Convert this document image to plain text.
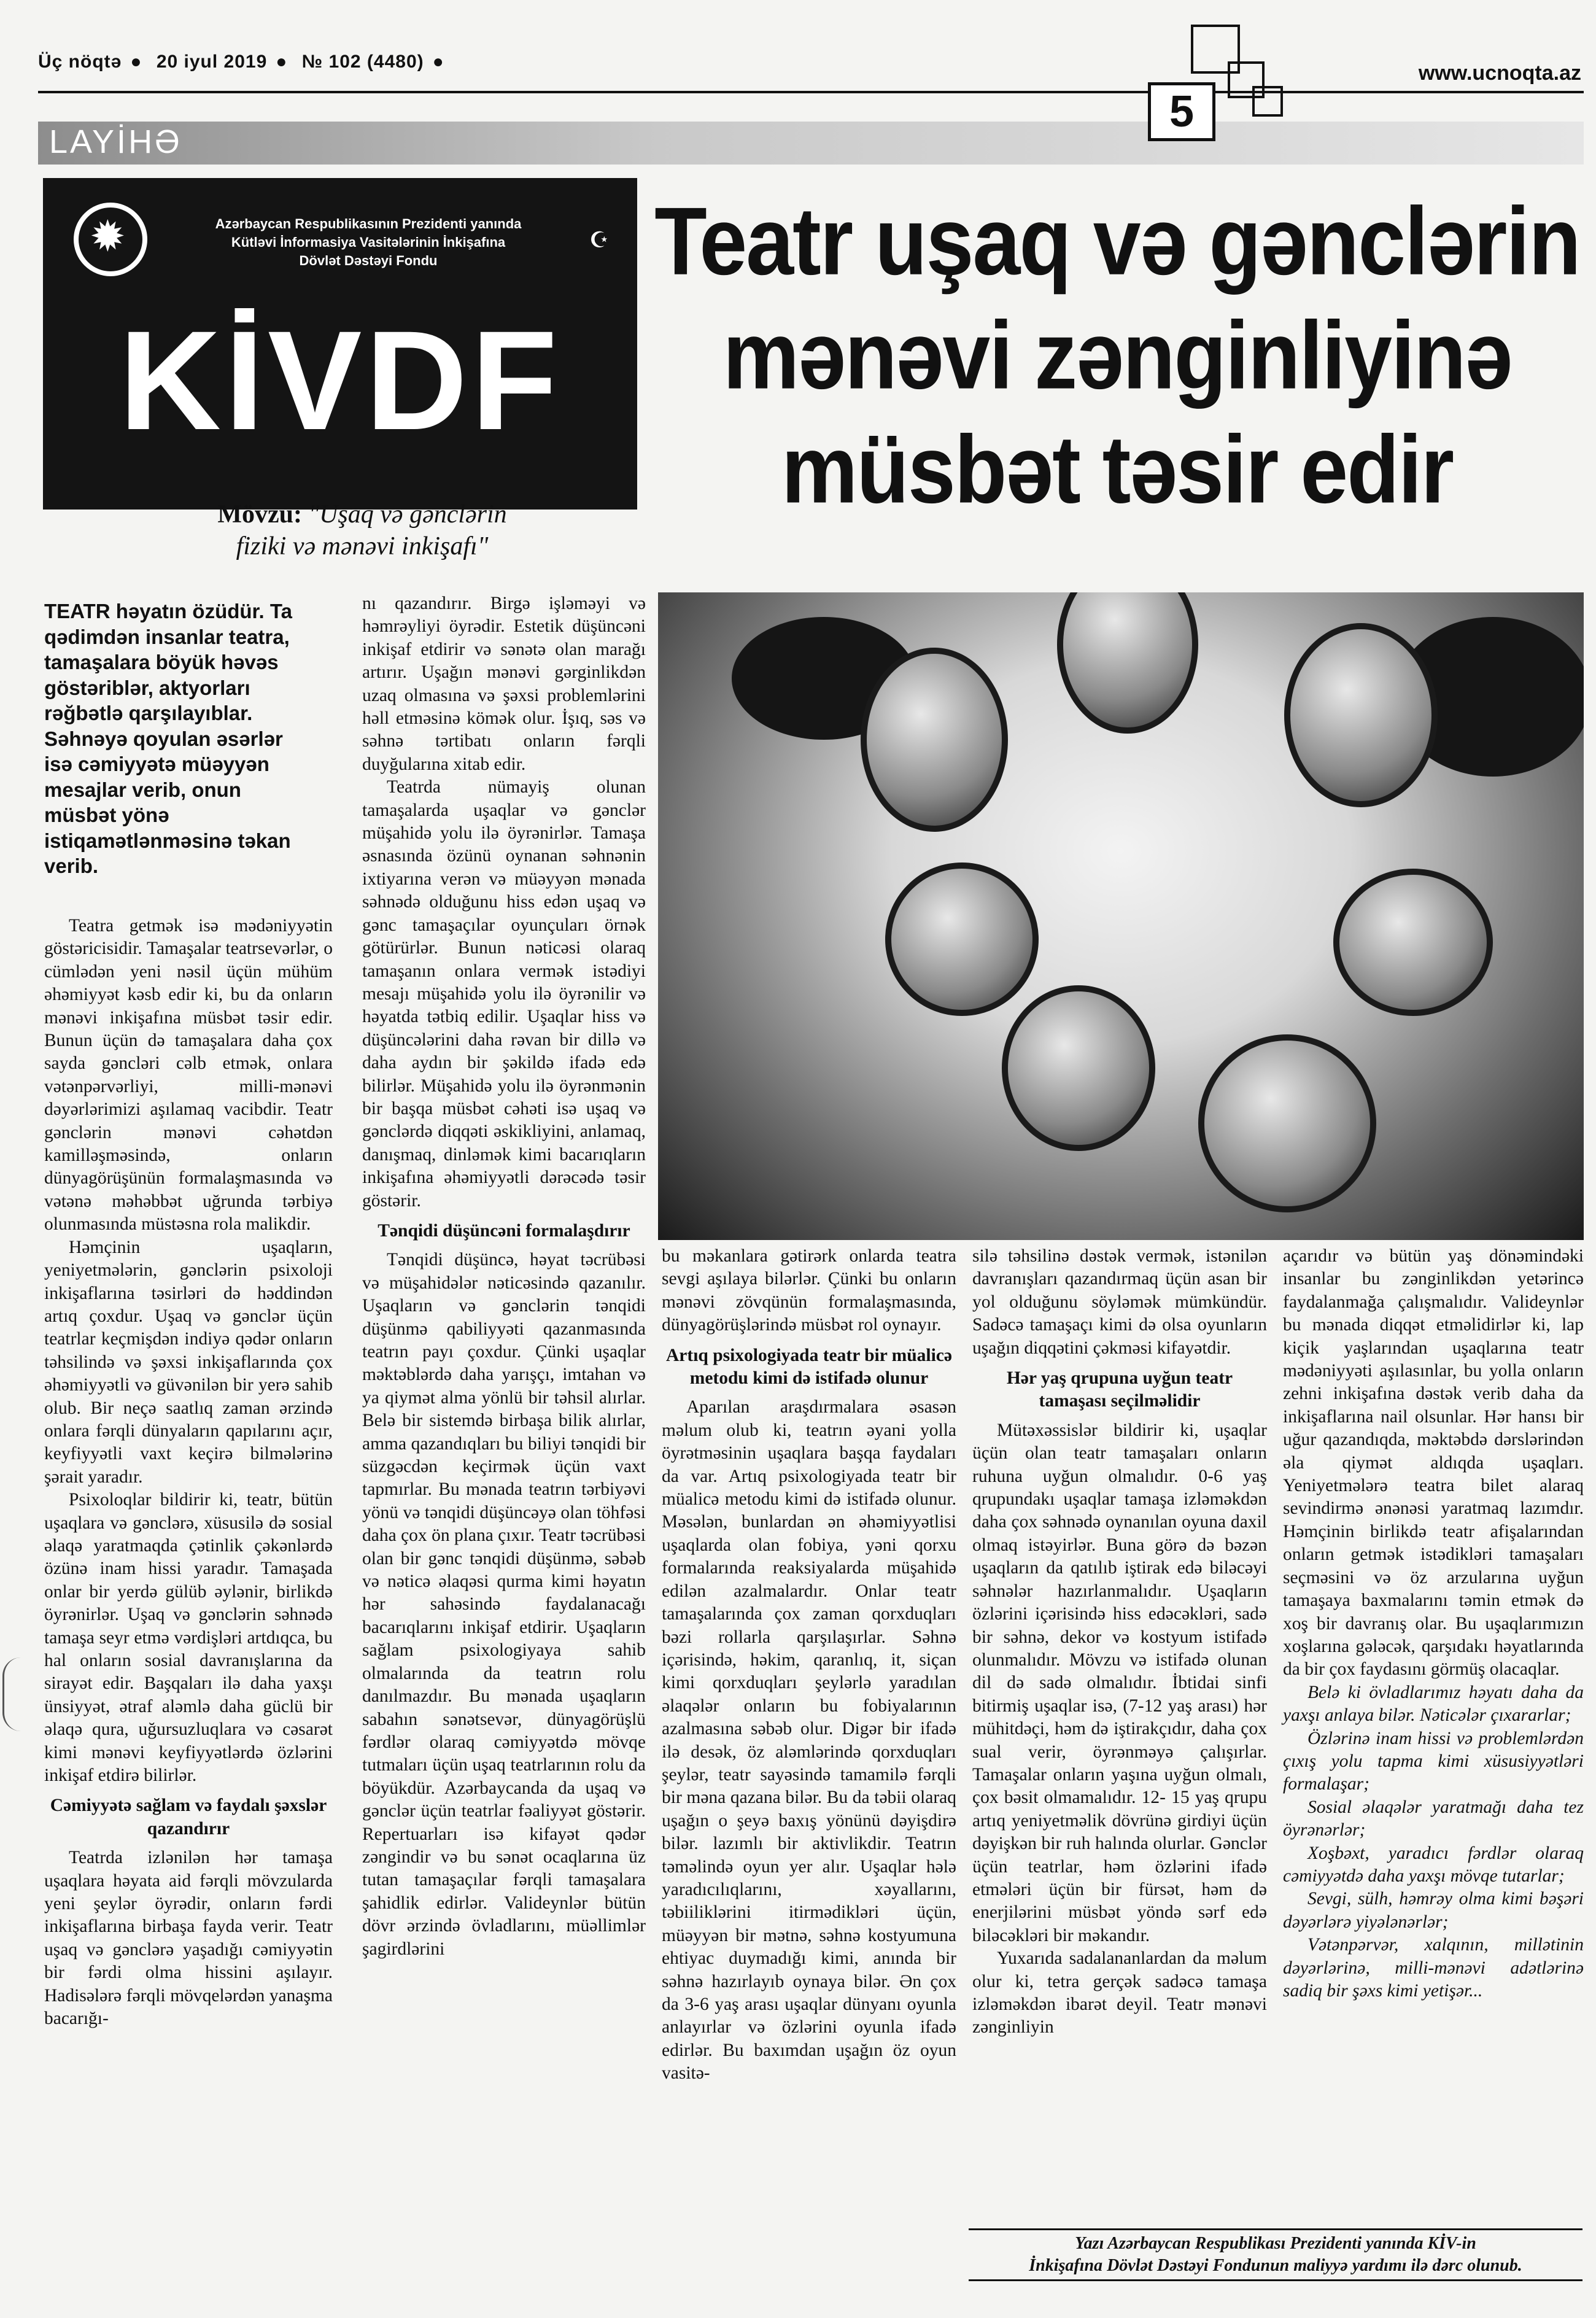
Üç nöqtə ● 20 iyul 2019 ● № 102 (4480) ●	www.ucnoqta.az
LAYİHƏ
5
✹
Azərbaycan Respublikasının Prezidenti yanında
Kütləvi İnformasiya Vasitələrinin İnkişafına
Dövlət Dəstəyi Fondu
☪
KİVDF
Mövzu: "Uşaq və gənclərin
fiziki və mənəvi inkişafı"
Teatr uşaq və gənclərin
mənəvi zənginliyinə
müsbət təsir edir
TEATR həyatın özüdür. Ta qədimdən insanlar teatra, tamaşalara böyük həvəs göstəriblər, aktyorları rəğbətlə qarşılayıblar. Səhnəyə qoyulan əsərlər isə cəmiyyətə müəyyən mesajlar verib, onun müsbət yönə istiqamətlənməsinə təkan verib.

Teatra getmək isə mədəniyyətin göstəricisidir. Tamaşalar teatrsevərlər, o cümlədən yeni nəsil üçün mühüm əhəmiyyət kəsb edir ki, bu da onların mənəvi inkişafına müsbət təsir edir. Bunun üçün də tamaşalara daha çox sayda gəncləri cəlb etmək, onlara vətənpərvərliyi, milli-mənəvi dəyərlərimizi aşılamaq vacibdir. Teatr gənclərin mənəvi cəhətdən kamilləşməsində, onların dünyagörüşünün formalaşmasında və vətənə məhəbbət uğrunda tərbiyə olunmasında müstəsna rola malikdir.

Həmçinin uşaqların, yeniyetmələrin, gənclərin psixoloji inkişaflarına təsirləri də həddindən artıq çoxdur. Uşaq və gənclər üçün teatrlar keçmişdən indiyə qədər onların təhsilində və şəxsi inkişaflarında çox əhəmiyyətli və güvənilən bir yerə sahib olub. Bir neçə saatlıq zaman ərzində onlara fərqli dünyaların qapılarını açır, keyfiyyətli vaxt keçirə bilmələrinə şərait yaradır.

Psixoloqlar bildirir ki, teatr, bütün uşaqlara və gənclərə, xüsusilə də sosial əlaqə yaratmaqda çətinlik çəkənlərdə özünə inam hissi yaradır. Tamaşada onlar bir yerdə gülüb əylənir, birlikdə öyrənirlər. Uşaq və gənclərin səhnədə tamaşa seyr etmə vərdişləri artdıqca, bu hal onların sosial davranışlarına da sirayət edir. Başqaları ilə daha yaxşı ünsiyyət, ətraf aləmlə daha güclü bir əlaqə qura, uğursuzluqlara və cəsarət kimi mənəvi keyfiyyətlərdə özlərini inkişaf etdirə bilirlər.

Cəmiyyətə sağlam və faydalı şəxslər qazandırır

Teatrda izlənilən hər tamaşa uşaqlara həyata aid fərqli mövzularda yeni şeylər öyrədir, onların fərdi inkişaflarına birbaşa fayda verir. Teatr uşaq və gənclərə yaşadığı cəmiyyətin bir fərdi olma hissini aşılayır. Hadisələrə fərqli mövqelərdən yanaşma bacarığı-

nı qazandırır. Birgə işləməyi və həmrəyliyi öyrədir. Estetik düşüncəni inkişaf etdirir və sənətə olan marağı artırır. Uşağın mənəvi gərginlikdən uzaq olmasına və şəxsi problemlərini həll etməsinə kömək olur. İşıq, səs və səhnə tərtibatı onların fərqli duyğularına xitab edir.

Teatrda nümayiş olunan tamaşalarda uşaqlar və gənclər müşahidə yolu ilə öyrənirlər. Tamaşa əsnasında özünü oynanan səhnənin ixtiyarına verən və müəyyən mənada səhnədə olduğunu hiss edən uşaq və gənc tamaşaçılar oyunçuları örnək götürürlər. Bunun nəticəsi olaraq tamaşanın onlara vermək istədiyi mesajı müşahidə yolu ilə öyrənilir və həyatda tətbiq edilir. Uşaqlar hiss və düşüncələrini daha rəvan bir dillə və daha aydın bir şəkildə ifadə edə bilirlər. Müşahidə yolu ilə öyrənmənin bir başqa müsbət cəhəti isə uşaq və gənclərdə diqqəti əskikliyini, anlamaq, danışmaq, dinləmək kimi bacarıqların inkişafına əhəmiyyətli dərəcədə təsir göstərir.

Tənqidi düşüncəni formalaşdırır

Tənqidi düşüncə, həyat təcrübəsi və müşahidələr nəticəsində qazanılır. Uşaqların və gənclərin tənqidi düşünmə qabiliyyəti qazanmasında teatrın payı çoxdur. Çünki uşaqlar məktəblərdə daha yarışçı, imtahan və ya qiymət alma yönlü bir təhsil alırlar. Belə bir sistemdə birbaşa bilik alırlar, amma qazandıqları bu biliyi tənqidi bir süzgəcdən keçirmək üçün vaxt tapmırlar. Bu mənada teatrın tərbiyəvi yönü və tənqidi düşüncəyə olan töhfəsi daha çox ön plana çıxır. Teatr təcrübəsi olan bir gənc tənqidi düşünmə, səbəb və nəticə əlaqəsi qurma kimi həyatın hər sahəsində faydalanacağı bacarıqlarını inkişaf etdirir. Uşaqların sağlam psixologiyaya sahib olmalarında da teatrın rolu danılmazdır. Bu mənada uşaqların sabahın sənətsevər, dünyagörüşlü fərdlər olaraq cəmiyyətdə mövqe tutmaları üçün uşaq teatrlarının rolu da böyükdür. Azərbaycanda da uşaq və gənclər üçün teatrlar fəaliyyət göstərir. Repertuarları isə kifayət qədər zəngindir və bu sənət ocaqlarına üz tutan tamaşaçılar fərqli tamaşalara şahidlik edirlər. Valideynlər bütün dövr ərzində övladlarını, müəllimlər şagirdlərini

bu məkanlara gətirərk onlarda teatra sevgi aşılaya bilərlər. Çünki bu onların mənəvi zövqünün formalaşmasında, dünyagörüşlərində müsbət rol oynayır.

Artıq psixologiyada teatr bir müalicə metodu kimi də istifadə olunur

Aparılan araşdırmalara əsasən məlum olub ki, teatrın əyani yolla öyrətməsinin uşaqlara başqa faydaları da var. Artıq psixologiyada teatr bir müalicə metodu kimi də istifadə olunur. Məsələn, bunlardan ən əhəmiyyətlisi uşaqlarda olan fobiya, yəni qorxu formalarında reaksiyalarda müşahidə edilən azalmalardır. Onlar teatr tamaşalarında çox zaman qorxduqları bəzi rollarla qarşılaşırlar. Səhnə içərisində, həkim, qaranlıq, it, siçan kimi qorxduqları şeylərlə yaradılan əlaqələr onların bu fobiyalarının azalmasına səbəb olur. Digər bir ifadə ilə desək, öz aləmlərində qorxduqları şeylər, teatr sayəsində tamamilə fərqli bir məna qazana bilər. Bu da təbii olaraq uşağın o şeyə baxış yönünü dəyişdirə bilər. lazımlı bir aktivlikdir. Teatrın təməlində oyun yer alır. Uşaqlar hələ yaradıcılıqlarını, xəyallarını, təbiiliklərini itirmədikləri üçün, müəyyən bir mətnə, səhnə kostyumuna ehtiyac duymadığı kimi, anında bir səhnə hazırlayıb oynaya bilər. Ən çox da 3-6 yaş arası uşaqlar dünyanı oyunla anlayırlar və özlərini oyunla ifadə edirlər. Bu baxımdan uşağın öz oyun vasitə-

silə təhsilinə dəstək vermək, istənilən davranışları qazandırmaq üçün asan bir yol olduğunu söyləmək mümkündür. Sadəcə tamaşaçı kimi də olsa oyunların uşağın diqqətini çəkməsi kifayətdir.

Hər yaş qrupuna uyğun teatr tamaşası seçilməlidir

Mütəxəssislər bildirir ki, uşaqlar üçün olan teatr tamaşaları onların ruhuna uyğun olmalıdır. 0-6 yaş qrupundakı uşaqlar tamaşa izləməkdən daha çox səhnədə oynanılan oyuna daxil olmaq istəyirlər. Buna görə də bəzən uşaqların da qatılıb iştirak edə biləcəyi səhnələr hazırlanmalıdır. Uşaqların özlərini içərisində hiss edəcəkləri, sadə bir səhnə, dekor və kostyum istifadə olunmalıdır. Mövzu və istifadə olunan dil də sadə olmalıdır. İbtidai sinfi bitirmiş uşaqlar isə, (7-12 yaş arası) hər mühitdəçi, həm də iştirakçıdır, daha çox sual verir, öyrənməyə çalışırlar. Tamaşalar onların yaşına uyğun olmalı, çox bəsit olmamalıdır. 12- 15 yaş qrupu artıq yeniyetməlik dövrünə girdiyi üçün dəyişkən bir ruh halında olurlar. Gənclər üçün teatrlar, həm özlərini ifadə etmələri üçün bir fürsət, həm də enerjilərini müsbət yöndə sərf edə biləcəkləri bir məkandır.

Yuxarıda sadalananlardan da məlum olur ki, tetra gerçək sadəcə tamaşa izləməkdən ibarət deyil. Teatr mənəvi zənginliyin

açarıdır və bütün yaş dönəmindəki insanlar bu zənginlikdən yetərincə faydalanmağa çalışmalıdır. Valideynlər bu mənada diqqət etməlidirlər ki, lap kiçik yaşlarından uşaqlarına teatr mədəniyyəti aşılasınlar, bu yolla onların zehni inkişafına dəstək verib daha da inkişaflarına nail olsunlar. Hər hansı bir uğur qazandıqda, məktəbdə dərslərindən əla qiymət aldıqda uşaqları. Yeniyetmələrə teatra bilet alaraq sevindirmə ənənəsi yaratmaq lazımdır. Həmçinin birlikdə teatr afişalarından onların getmək istədikləri tamaşaları seçməsini və öz arzularına uyğun tamaşaya baxmalarını təmin etmək də xoş bir davranış olar. Bu uşaqlarımızın xoşlarına gələcək, qarşıdakı həyatlarında da bir çox faydasını görmüş olacaqlar.

Belə ki övladlarımız həyatı daha da yaxşı anlaya bilər. Nəticələr çıxararlar;

Özlərinə inam hissi və problemlərdən çıxış yolu tapma kimi xüsusiyyətləri formalaşar;

Sosial əlaqələr yaratmağı daha tez öyrənərlər;

Xoşbəxt, yaradıcı fərdlər olaraq cəmiyyətdə daha yaxşı mövqe tutarlar;

Sevgi, sülh, həmrəy olma kimi bəşəri dəyərlərə yiyələnərlər;

Vətənpərvər, xalqının, millətinin dəyərlərinə, milli-mənəvi adətlərinə sadiq bir şəxs kimi yetişər...

Yazı Azərbaycan Respublikası Prezidenti yanında KİV-in
İnkişafına Dövlət Dəstəyi Fondunun maliyyə yardımı ilə dərc olunub.
